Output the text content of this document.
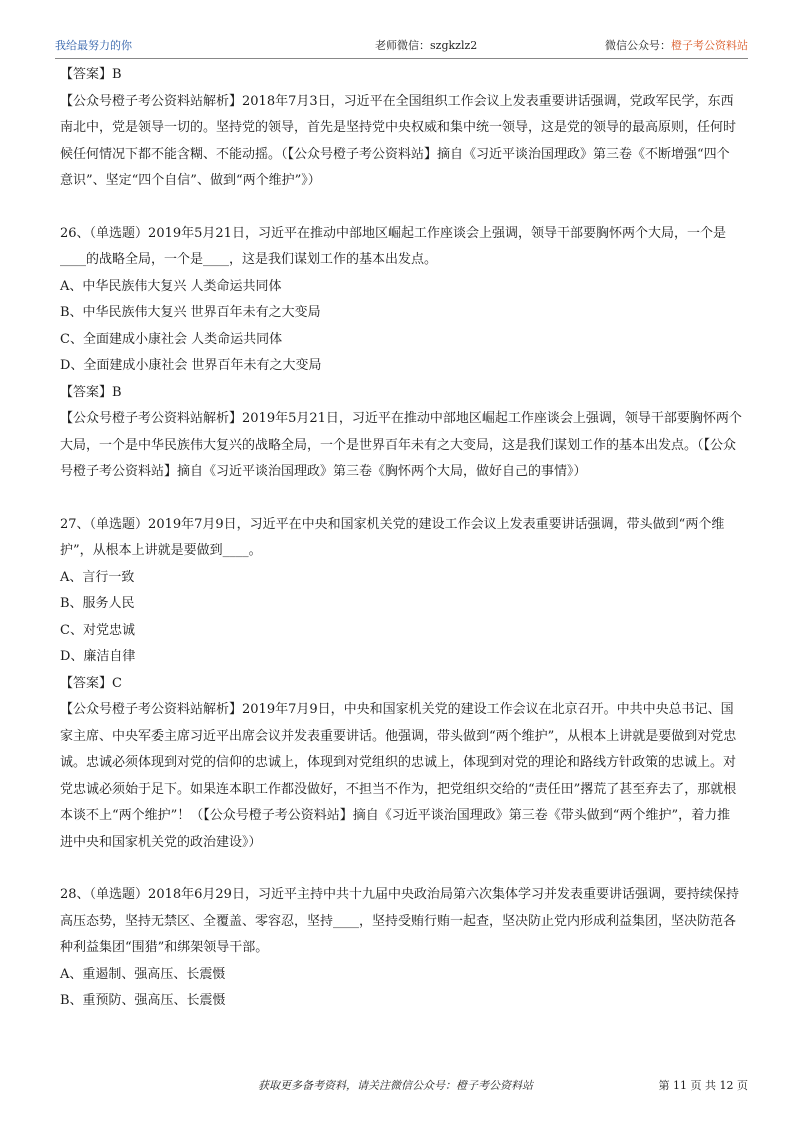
我给最努力的你	老师微信：szgkzlz2	微信公众号：橙子考公资料站

【答案】B

【公众号橙子考公资料站解析】2018年7月3日，习近平在全国组织工作会议上发表重要讲话强调，党政军民学，东西南北中，党是领导一切的。坚持党的领导，首先是坚持党中央权威和集中统一领导，这是党的领导的最高原则，任何时候任何情况下都不能含糊、不能动摇。（【公众号橙子考公资料站】摘自《习近平谈治国理政》第三卷《不断增强“四个意识”、坚定“四个自信”、做到“两个维护”》）

26、（单选题）2019年5月21日，习近平在推动中部地区崛起工作座谈会上强调，领导干部要胸怀两个大局，一个是____的战略全局，一个是____，这是我们谋划工作的基本出发点。

A、中华民族伟大复兴 人类命运共同体

B、中华民族伟大复兴 世界百年未有之大变局

C、全面建成小康社会 人类命运共同体

D、全面建成小康社会 世界百年未有之大变局

【答案】B

【公众号橙子考公资料站解析】2019年5月21日，习近平在推动中部地区崛起工作座谈会上强调，领导干部要胸怀两个大局，一个是中华民族伟大复兴的战略全局，一个是世界百年未有之大变局，这是我们谋划工作的基本出发点。（【公众号橙子考公资料站】摘自《习近平谈治国理政》第三卷《胸怀两个大局，做好自己的事情》）

27、（单选题）2019年7月9日，习近平在中央和国家机关党的建设工作会议上发表重要讲话强调，带头做到“两个维护”，从根本上讲就是要做到____。

A、言行一致

B、服务人民

C、对党忠诚

D、廉洁自律

【答案】C

【公众号橙子考公资料站解析】2019年7月9日，中央和国家机关党的建设工作会议在北京召开。中共中央总书记、国家主席、中央军委主席习近平出席会议并发表重要讲话。他强调，带头做到“两个维护”，从根本上讲就是要做到对党忠诚。忠诚必须体现到对党的信仰的忠诚上，体现到对党组织的忠诚上，体现到对党的理论和路线方针政策的忠诚上。对党忠诚必须始于足下。如果连本职工作都没做好，不担当不作为，把党组织交给的“责任田”撂荒了甚至弃去了，那就根本谈不上“两个维护”！（【公众号橙子考公资料站】摘自《习近平谈治国理政》第三卷《带头做到“两个维护”，着力推进中央和国家机关党的政治建设》）

28、（单选题）2018年6月29日，习近平主持中共十九届中央政治局第六次集体学习并发表重要讲话强调，要持续保持高压态势，坚持无禁区、全覆盖、零容忍，坚持____，坚持受贿行贿一起查，坚决防止党内形成利益集团，坚决防范各种利益集团“围猎”和绑架领导干部。

A、重遏制、强高压、长震慑

B、重预防、强高压、长震慑

获取更多备考资料，请关注微信公众号：橙子考公资料站	第 11 页 共 12 页
